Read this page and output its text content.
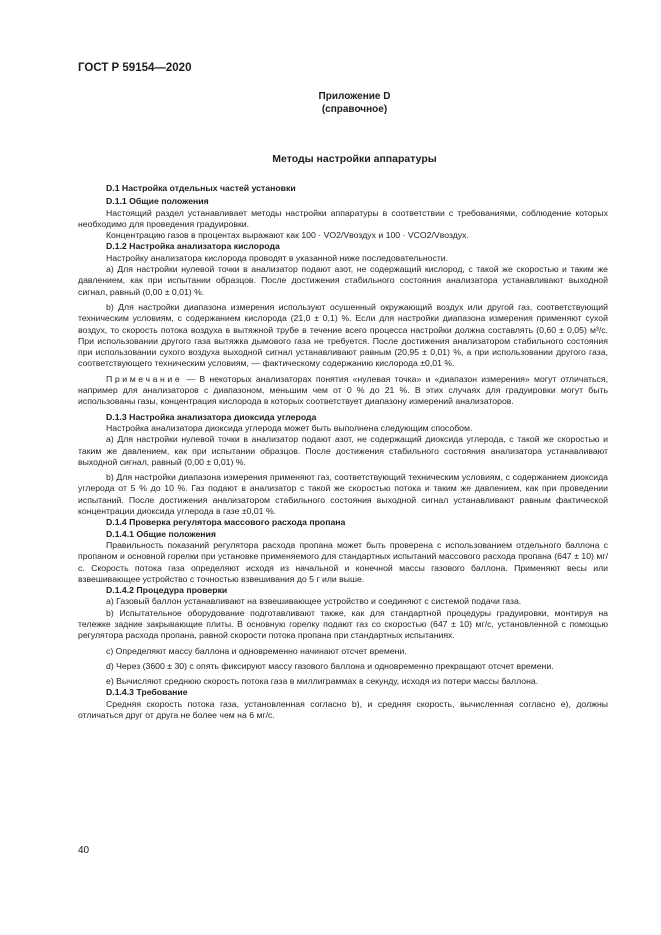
ГОСТ Р 59154—2020
Приложение D
(справочное)
Методы настройки аппаратуры

D.1 Настройка отдельных частей установки

D.1.1 Общие положения

Настоящий раздел устанавливает методы настройки аппаратуры в соответствии с требованиями, соблюдение которых необходимо для проведения градуировки.

Концентрацию газов в процентах выражают как 100 · VO2/Vвоздух и 100 · VCO2/Vвоздух.

D.1.2 Настройка анализатора кислорода

Настройку анализатора кислорода проводят в указанной ниже последовательности.

a) Для настройки нулевой точки в анализатор подают азот, не содержащий кислород, с такой же скоростью и таким же давлением, как при испытании образцов. После достижения стабильного состояния анализатора устанавливают выходной сигнал, равный (0,00 ± 0,01) %.

b) Для настройки диапазона измерения используют осушенный окружающий воздух или другой газ, соответствующий техническим условиям, с содержанием кислорода (21,0 ± 0,1) %. Если для настройки диапазона измерения применяют сухой воздух, то скорость потока воздуха в вытяжной трубе в течение всего процесса настройки должна составлять (0,60 ± 0,05) м³/с. При использовании другого газа вытяжка дымового газа не требуется. После достижения анализатором стабильного состояния при использовании сухого воздуха выходной сигнал устанавливают равным (20,95 ± 0,01) %, а при использовании другого газа, соответствующего техническим условиям, — фактическому содержанию кислорода ±0,01 %.

Примечание — В некоторых анализаторах понятия «нулевая точка» и «диапазон измерения» могут отличаться, например для анализаторов с диапазоном, меньшим чем от 0 % до 21 %. В этих случаях для градуировки могут быть использованы газы, концентрация кислорода в которых соответствует диапазону измерений анализаторов.

D.1.3 Настройка анализатора диоксида углерода

Настройка анализатора диоксида углерода может быть выполнена следующим способом.

a) Для настройки нулевой точки в анализатор подают азот, не содержащий диоксида углерода, с такой же скоростью и таким же давлением, как при испытании образцов. После достижения стабильного состояния анализатора устанавливают выходной сигнал, равный (0,00 ± 0,01) %.

b) Для настройки диапазона измерения применяют газ, соответствующий техническим условиям, с содержанием диоксида углерода от 5 % до 10 %. Газ подают в анализатор с такой же скоростью потока и таким же давлением, как при проведении испытаний. После достижения анализатором стабильного состояния выходной сигнал устанавливают равным фактической концентрации диоксида углерода в газе ±0,01 %.

D.1.4 Проверка регулятора массового расхода пропана

D.1.4.1 Общие положения

Правильность показаний регулятора расхода пропана может быть проверена с использованием отдельного баллона с пропаном и основной горелки при установке применяемого для стандартных испытаний массового расхода пропана (647 ± 10) мг/с. Скорость потока газа определяют исходя из начальной и конечной массы газового баллона. Применяют весы или взвешивающее устройство с точностью взвешивания до 5 г или выше.

D.1.4.2 Процедура проверки

a) Газовый баллон устанавливают на взвешивающее устройство и соединяют с системой подачи газа.

b) Испытательное оборудование подготавливают также, как для стандартной процедуры градуировки, монтируя на тележке задние закрывающие плиты. В основную горелку подают газ со скоростью (647 ± 10) мг/с, установленной с помощью регулятора расхода пропана, равной скорости потока пропана при стандартных испытаниях.

c) Определяют массу баллона и одновременно начинают отсчет времени.

d) Через (3600 ± 30) с опять фиксируют массу газового баллона и одновременно прекращают отсчет времени.

e) Вычисляют среднюю скорость потока газа в миллиграммах в секунду, исходя из потери массы баллона.

D.1.4.3 Требование

Средняя скорость потока газа, установленная согласно b), и средняя скорость, вычисленная согласно e), должны отличаться друг от друга не более чем на 6 мг/с.

40
